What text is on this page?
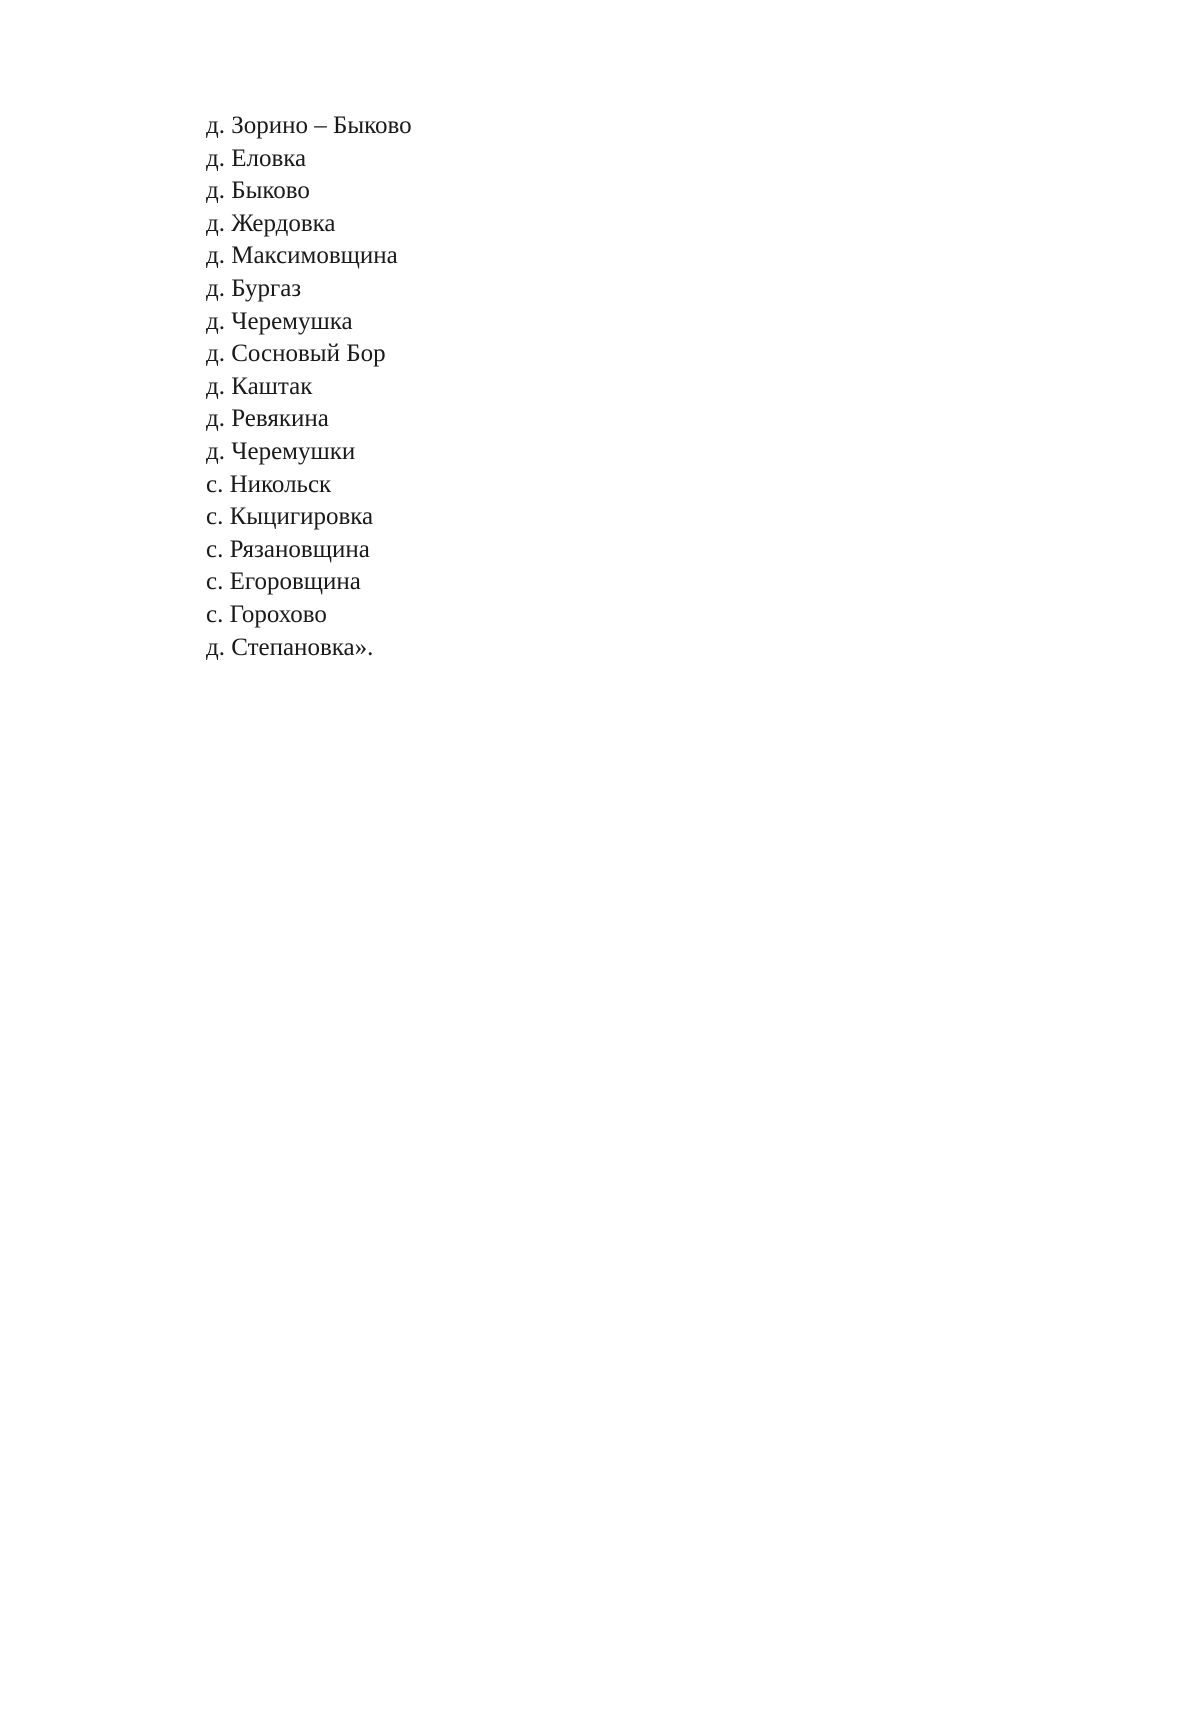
д. Зорино – Быково
д. Еловка
д. Быково
д. Жердовка
д. Максимовщина
д. Бургаз
д. Черемушка
д. Сосновый Бор
д. Каштак
д. Ревякина
д. Черемушки
с. Никольск
с. Кыцигировка
с. Рязановщина
с. Егоровщина
с. Горохово
д. Степановка».
